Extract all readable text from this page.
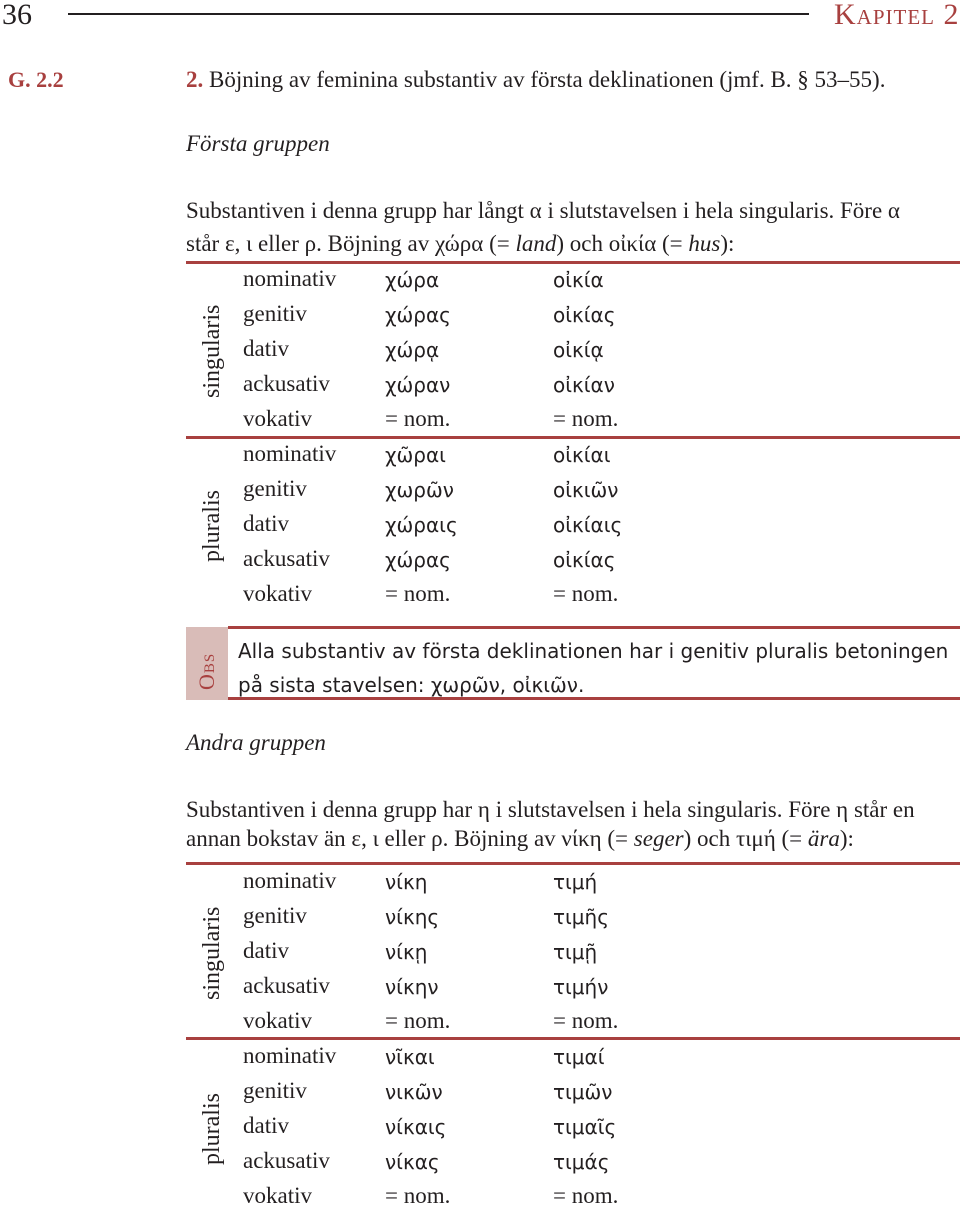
36	Kapitel 2
G. 2.2	2. Böjning av feminina substantiv av första deklinationen (jmf. B. § 53–55).
Första gruppen
Substantiven i denna grupp har långt α i slutstavelsen i hela singularis. Före α
står ε, ι eller ρ. Böjning av χώρα (= land) och οἰκία (= hus):
singularis
pluralis
nominativ χώρα	οἰκία
genitiv	χώρας	οἰκίας
dativ	χώρᾳ	οἰκίᾳ
ackusativ	χώραν	οἰκίαν
vokativ	= nom.	= nom.
nominativ χῶραι	οἰκίαι
genitiv	χωρῶν	οἰκιῶν
dativ	χώραις	οἰκίαις
ackusativ	χώρας	οἰκίας
vokativ	= nom.	= nom.
Obs
Alla substantiv av första deklinationen har i genitiv pluralis betoningen
på sista stavelsen: χωρῶν, οἰκιῶν.
Andra gruppen
Substantiven i denna grupp har η i slutstavelsen i hela singularis. Före η står en
annan bokstav än ε, ι eller ρ. Böjning av νίκη (= seger) och τιμή (= ära):
singularis
pluralis
nominativ νίκη	τιμή
genitiv	νίκης	τιμῆς
dativ	νίκῃ	τιμῇ
ackusativ	νίκην	τιμήν
vokativ	= nom.	= nom.
nominativ νῖκαι	τιμαί
genitiv	νικῶν	τιμῶν
dativ	νίκαις	τιμαῖς
ackusativ	νίκας	τιμάς
vokativ	= nom.	= nom.
